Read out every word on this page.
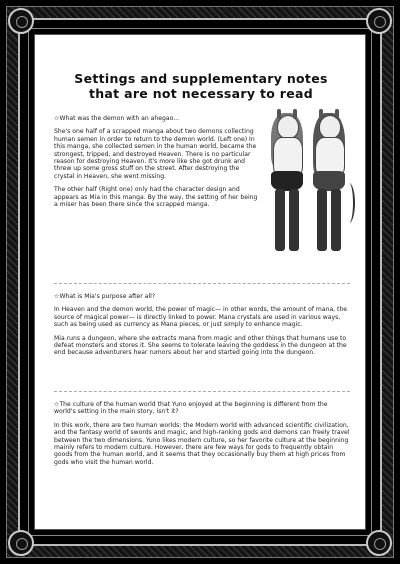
Settings and supplementary notes
that are not necessary to read

☆What was the demon with an ahegao...

She's one half of a scrapped manga about two demons collecting human semen in order to return to the demon world. (Left one) In this manga, she collected semen in the human world, became the strongest, tripped, and destroyed Heaven. There is no particular reason for destroying Heaven. It's more like she got drunk and threw up some gross stuff on the street. After destroying the crystal in Heaven, she went missing.

The other half (Right one) only had the character design and appears as Mia in this manga. By the way, the setting of her being a miser has been there since the scrapped manga.

☆What is Mia's purpose after all?

In Heaven and the demon world, the power of magic— in other words, the amount of mana, the source of magical power— is directly linked to power. Mana crystals are used in various ways, such as being used as currency as Mana pieces, or just simply to enhance magic.

Mia runs a dungeon, where she extracts mana from magic and other things that humans use to defeat monsters and stores it. She seems to tolerate leaving the goddess in the dungeon at the end because adventurers hear rumors about her and started going into the dungeon.

☆The culture of the human world that Yuno enjoyed at the beginning is different from the world's setting in the main story, isn't it?

In this work, there are two human worlds: the Modern world with advanced scientific civilization, and the fantasy world of swords and magic, and high-ranking gods and demons can freely travel between the two dimensions. Yuno likes modern culture, so her favorite culture at the beginning mainly refers to modern culture. However, there are few ways for gods to frequently obtain goods from the human world, and it seems that they occasionally buy them at high prices from gods who visit the human world.
